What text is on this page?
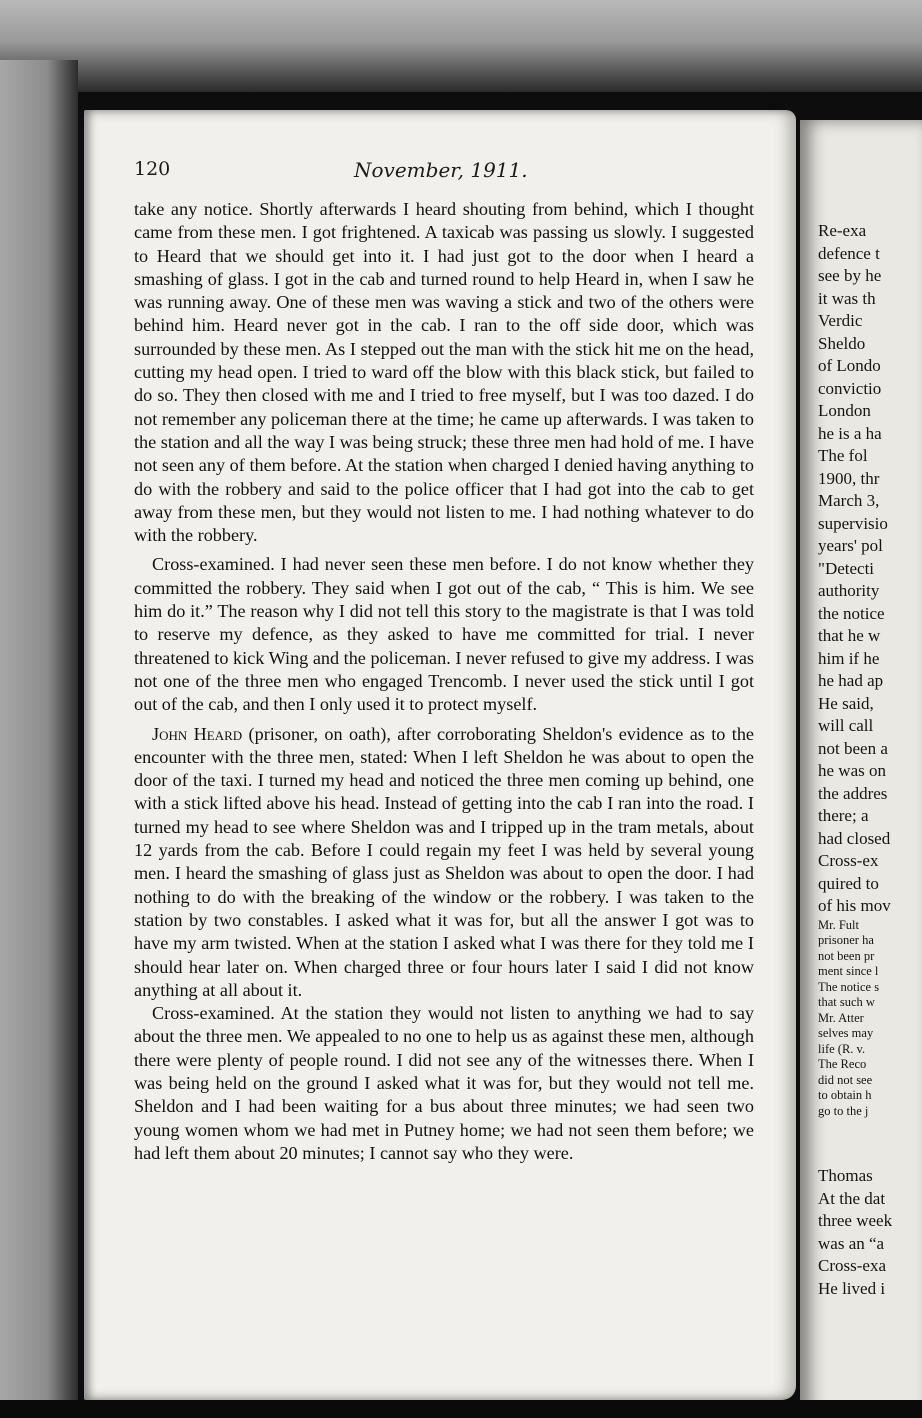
120	November, 1911.

take any notice. Shortly afterwards I heard shouting from behind, which I thought came from these men. I got frightened. A taxicab was passing us slowly. I suggested to Heard that we should get into it. I had just got to the door when I heard a smashing of glass. I got in the cab and turned round to help Heard in, when I saw he was running away. One of these men was waving a stick and two of the others were behind him. Heard never got in the cab. I ran to the off side door, which was surrounded by these men. As I stepped out the man with the stick hit me on the head, cutting my head open. I tried to ward off the blow with this black stick, but failed to do so. They then closed with me and I tried to free myself, but I was too dazed. I do not remember any policeman there at the time; he came up afterwards. I was taken to the station and all the way I was being struck; these three men had hold of me. I have not seen any of them before. At the station when charged I denied having anything to do with the robbery and said to the police officer that I had got into the cab to get away from these men, but they would not listen to me. I had nothing whatever to do with the robbery.

Cross-examined. I had never seen these men before. I do not know whether they committed the robbery. They said when I got out of the cab, “ This is him. We see him do it.” The reason why I did not tell this story to the magistrate is that I was told to reserve my defence, as they asked to have me committed for trial. I never threatened to kick Wing and the policeman. I never refused to give my address. I was not one of the three men who engaged Trencomb. I never used the stick until I got out of the cab, and then I only used it to protect myself.

John Heard (prisoner, on oath), after corroborating Sheldon's evidence as to the encounter with the three men, stated: When I left Sheldon he was about to open the door of the taxi. I turned my head and noticed the three men coming up behind, one with a stick lifted above his head. Instead of getting into the cab I ran into the road. I turned my head to see where Sheldon was and I tripped up in the tram metals, about 12 yards from the cab. Before I could regain my feet I was held by several young men. I heard the smashing of glass just as Sheldon was about to open the door. I had nothing to do with the breaking of the window or the robbery. I was taken to the station by two constables. I asked what it was for, but all the answer I got was to have my arm twisted. When at the station I asked what I was there for they told me I should hear later on. When charged three or four hours later I said I did not know anything at all about it.

Cross-examined. At the station they would not listen to anything we had to say about the three men. We appealed to no one to help us as against these men, although there were plenty of people round. I did not see any of the witnesses there. When I was being held on the ground I asked what it was for, but they would not tell me. Sheldon and I had been waiting for a bus about three minutes; we had seen two young women whom we had met in Putney home; we had not seen them before; we had left them about 20 minutes; I cannot say who they were.

Re-exa
defence t
see by he
it was th
Verdic
Sheldo
of Londo
convictio
London
he is a ha
The fol
1900, thr
March 3,
supervisio
years' pol
"Detecti
authority
the notice
that he w
him if he
he had ap
He said,
will call
not been a
he was on
the addres
there; a
had closed
Cross-ex
quired to
of his mov
Mr. Fult
prisoner ha
not been pr
ment since l
The notice s
that such w
Mr. Atter
selves may
life (R. v.
The Reco
did not see
to obtain h
go to the j
Thomas
At the dat
three week
was an “a
Cross-exa
He lived i
